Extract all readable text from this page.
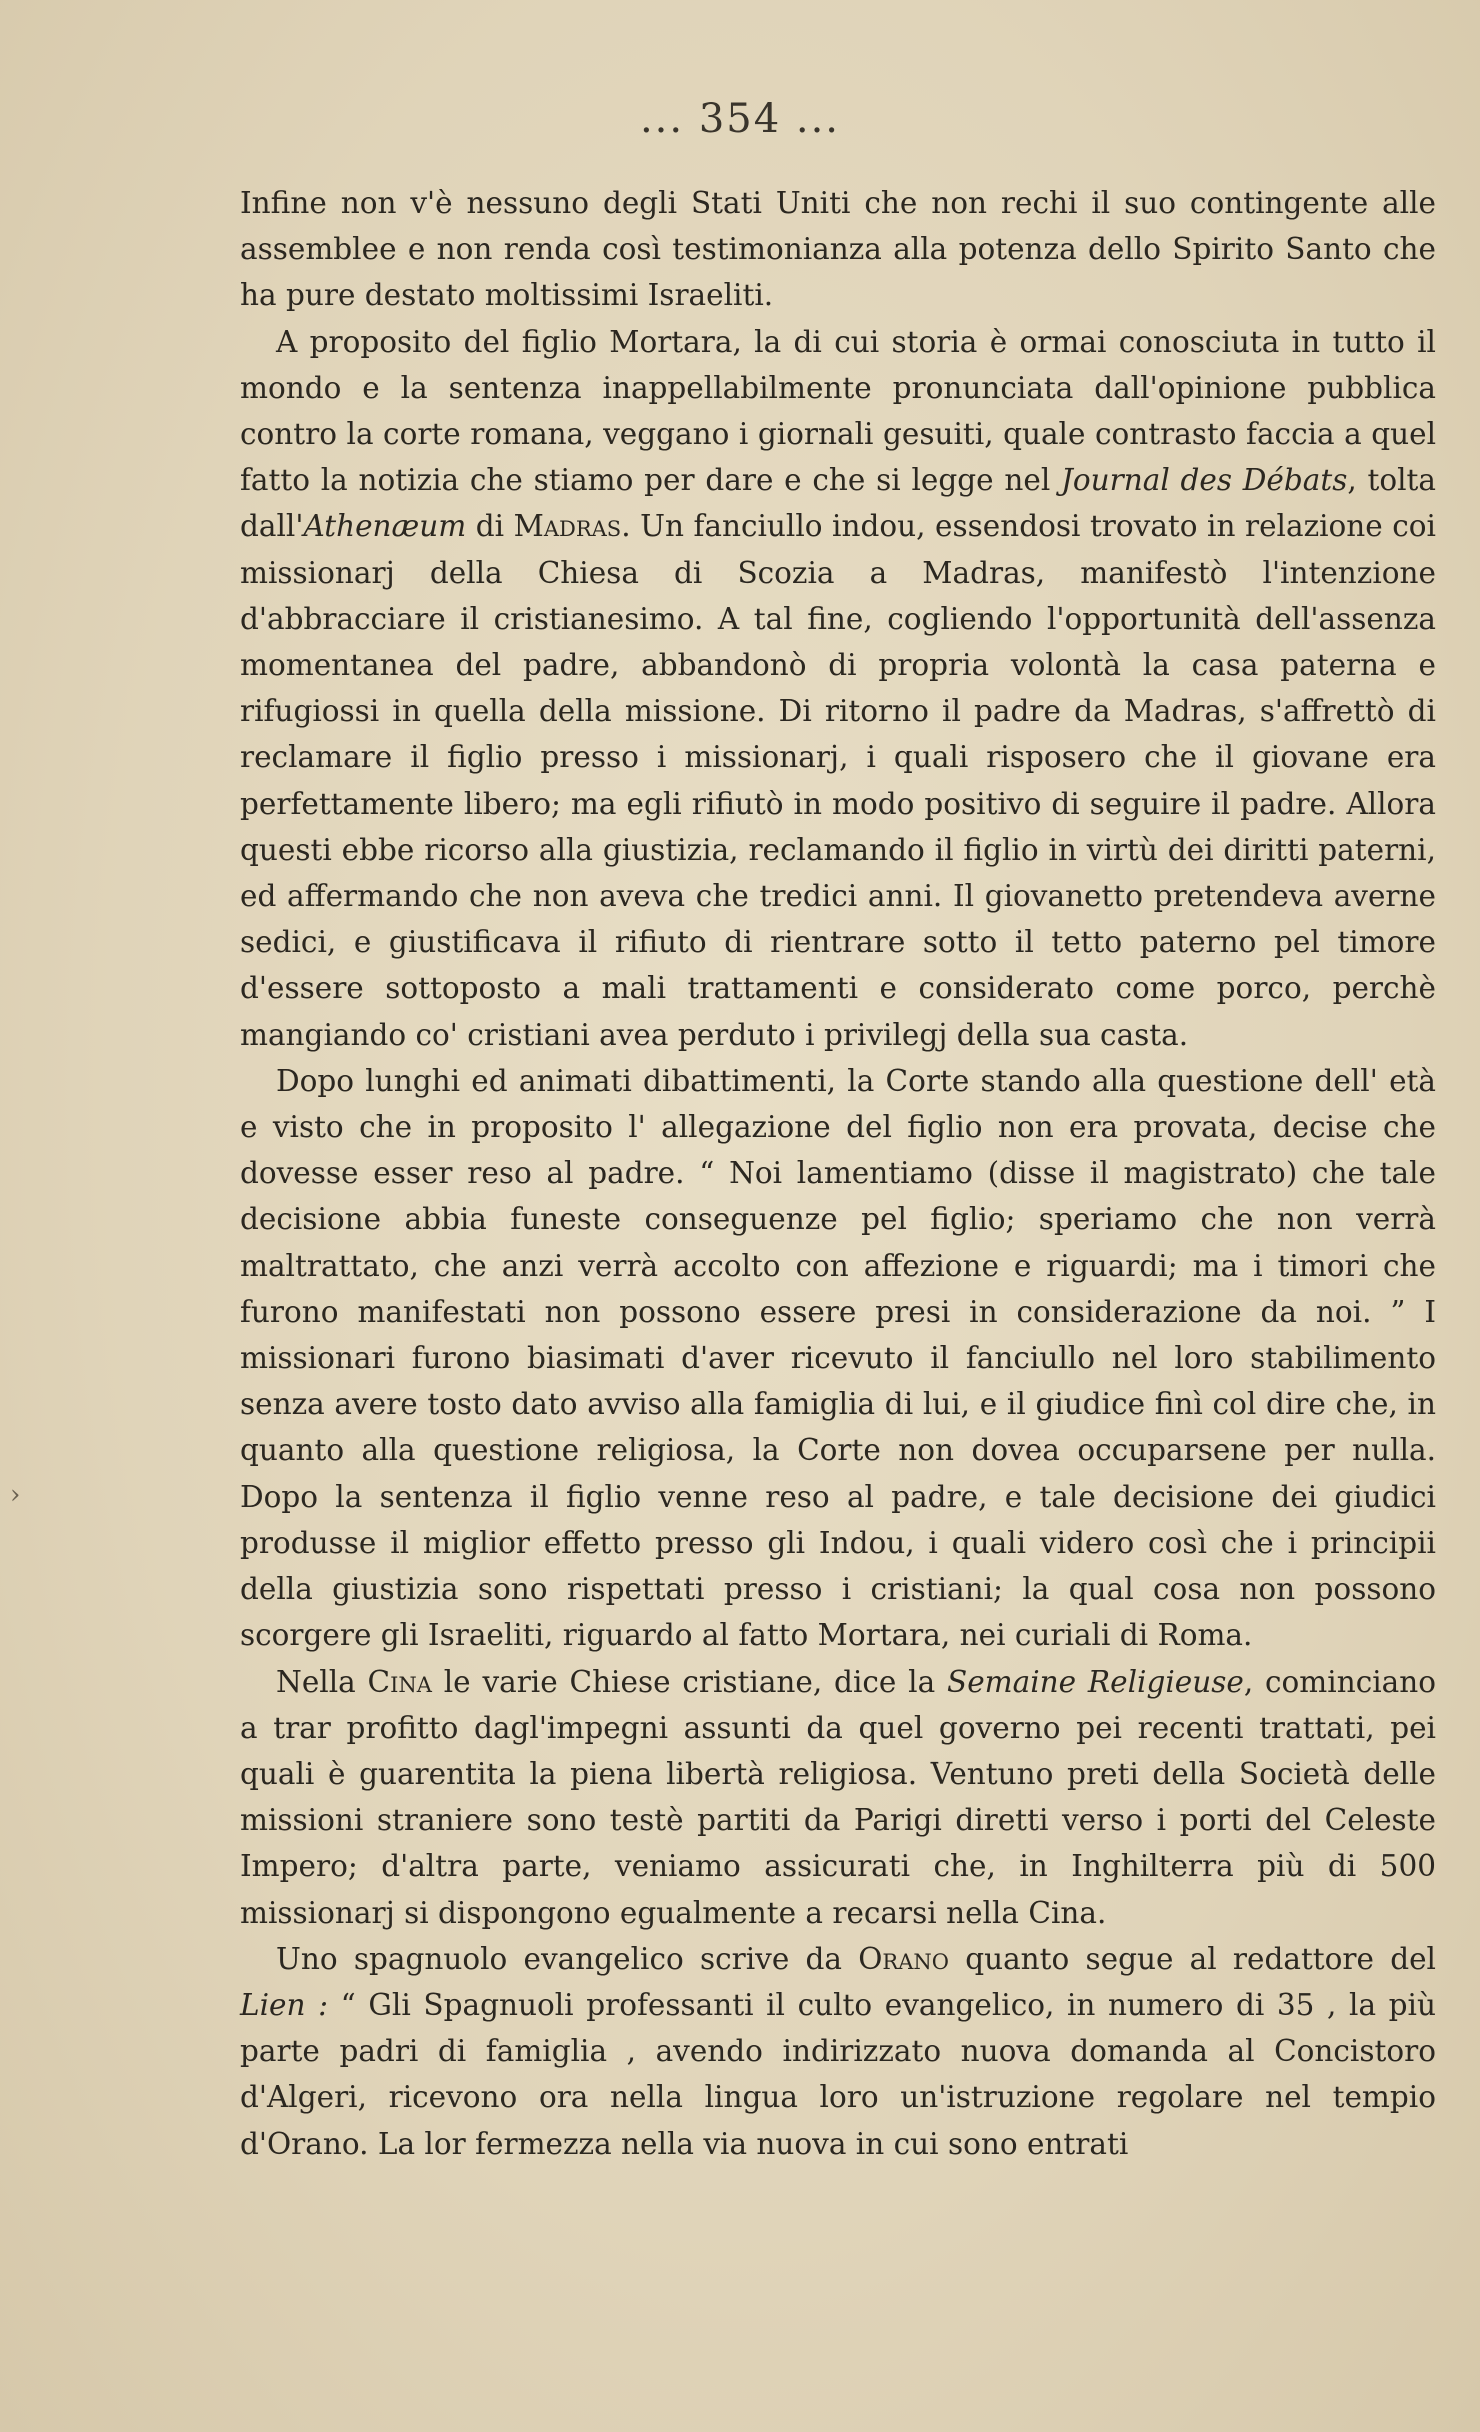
... 354 ...

Infine non v'è nessuno degli Stati Uniti che non rechi il suo contingente alle assemblee e non renda così testimonianza alla potenza dello Spirito Santo che ha pure destato moltissimi Israeliti.

A proposito del figlio Mortara, la di cui storia è ormai conosciuta in tutto il mondo e la sentenza inappellabilmente pronunciata dall'opinione pubblica contro la corte romana, veggano i giornali gesuiti, quale contrasto faccia a quel fatto la notizia che stiamo per dare e che si legge nel Journal des Débats, tolta dall'Athenæum di Madras. Un fanciullo indou, essendosi trovato in relazione coi missionarj della Chiesa di Scozia a Madras, manifestò l'intenzione d'abbracciare il cristianesimo. A tal fine, cogliendo l'opportunità dell'assenza momentanea del padre, abbandonò di propria volontà la casa paterna e rifugiossi in quella della missione. Di ritorno il padre da Madras, s'affrettò di reclamare il figlio presso i missionarj, i quali risposero che il giovane era perfettamente libero; ma egli rifiutò in modo positivo di seguire il padre. Allora questi ebbe ricorso alla giustizia, reclamando il figlio in virtù dei diritti paterni, ed affermando che non aveva che tredici anni. Il giovanetto pretendeva averne sedici, e giustificava il rifiuto di rientrare sotto il tetto paterno pel timore d'essere sottoposto a mali trattamenti e considerato come porco, perchè mangiando co' cristiani avea perduto i privilegj della sua casta.

Dopo lunghi ed animati dibattimenti, la Corte stando alla questione dell' età e visto che in proposito l' allegazione del figlio non era provata, decise che dovesse esser reso al padre. “ Noi lamentiamo (disse il magistrato) che tale decisione abbia funeste conseguenze pel figlio; speriamo che non verrà maltrattato, che anzi verrà accolto con affezione e riguardi; ma i timori che furono manifestati non possono essere presi in considerazione da noi. ” I missionari furono biasimati d'aver ricevuto il fanciullo nel loro stabilimento senza avere tosto dato avviso alla famiglia di lui, e il giudice finì col dire che, in quanto alla questione religiosa, la Corte non dovea occuparsene per nulla. Dopo la sentenza il figlio venne reso al padre, e tale decisione dei giudici produsse il miglior effetto presso gli Indou, i quali videro così che i principii della giustizia sono rispettati presso i cristiani; la qual cosa non possono scorgere gli Israeliti, riguardo al fatto Mortara, nei curiali di Roma.

Nella Cina le varie Chiese cristiane, dice la Semaine Religieuse, cominciano a trar profitto dagl'impegni assunti da quel governo pei recenti trattati, pei quali è guarentita la piena libertà religiosa. Ventuno preti della Società delle missioni straniere sono testè partiti da Parigi diretti verso i porti del Celeste Impero; d'altra parte, veniamo assicurati che, in Inghilterra più di 500 missionarj si dispongono egualmente a recarsi nella Cina.

Uno spagnuolo evangelico scrive da Orano quanto segue al redattore del Lien : “ Gli Spagnuoli professanti il culto evangelico, in numero di 35 , la più parte padri di famiglia , avendo indirizzato nuova domanda al Concistoro d'Algeri, ricevono ora nella lingua loro un'istruzione regolare nel tempio d'Orano. La lor fermezza nella via nuova in cui sono entrati

›
